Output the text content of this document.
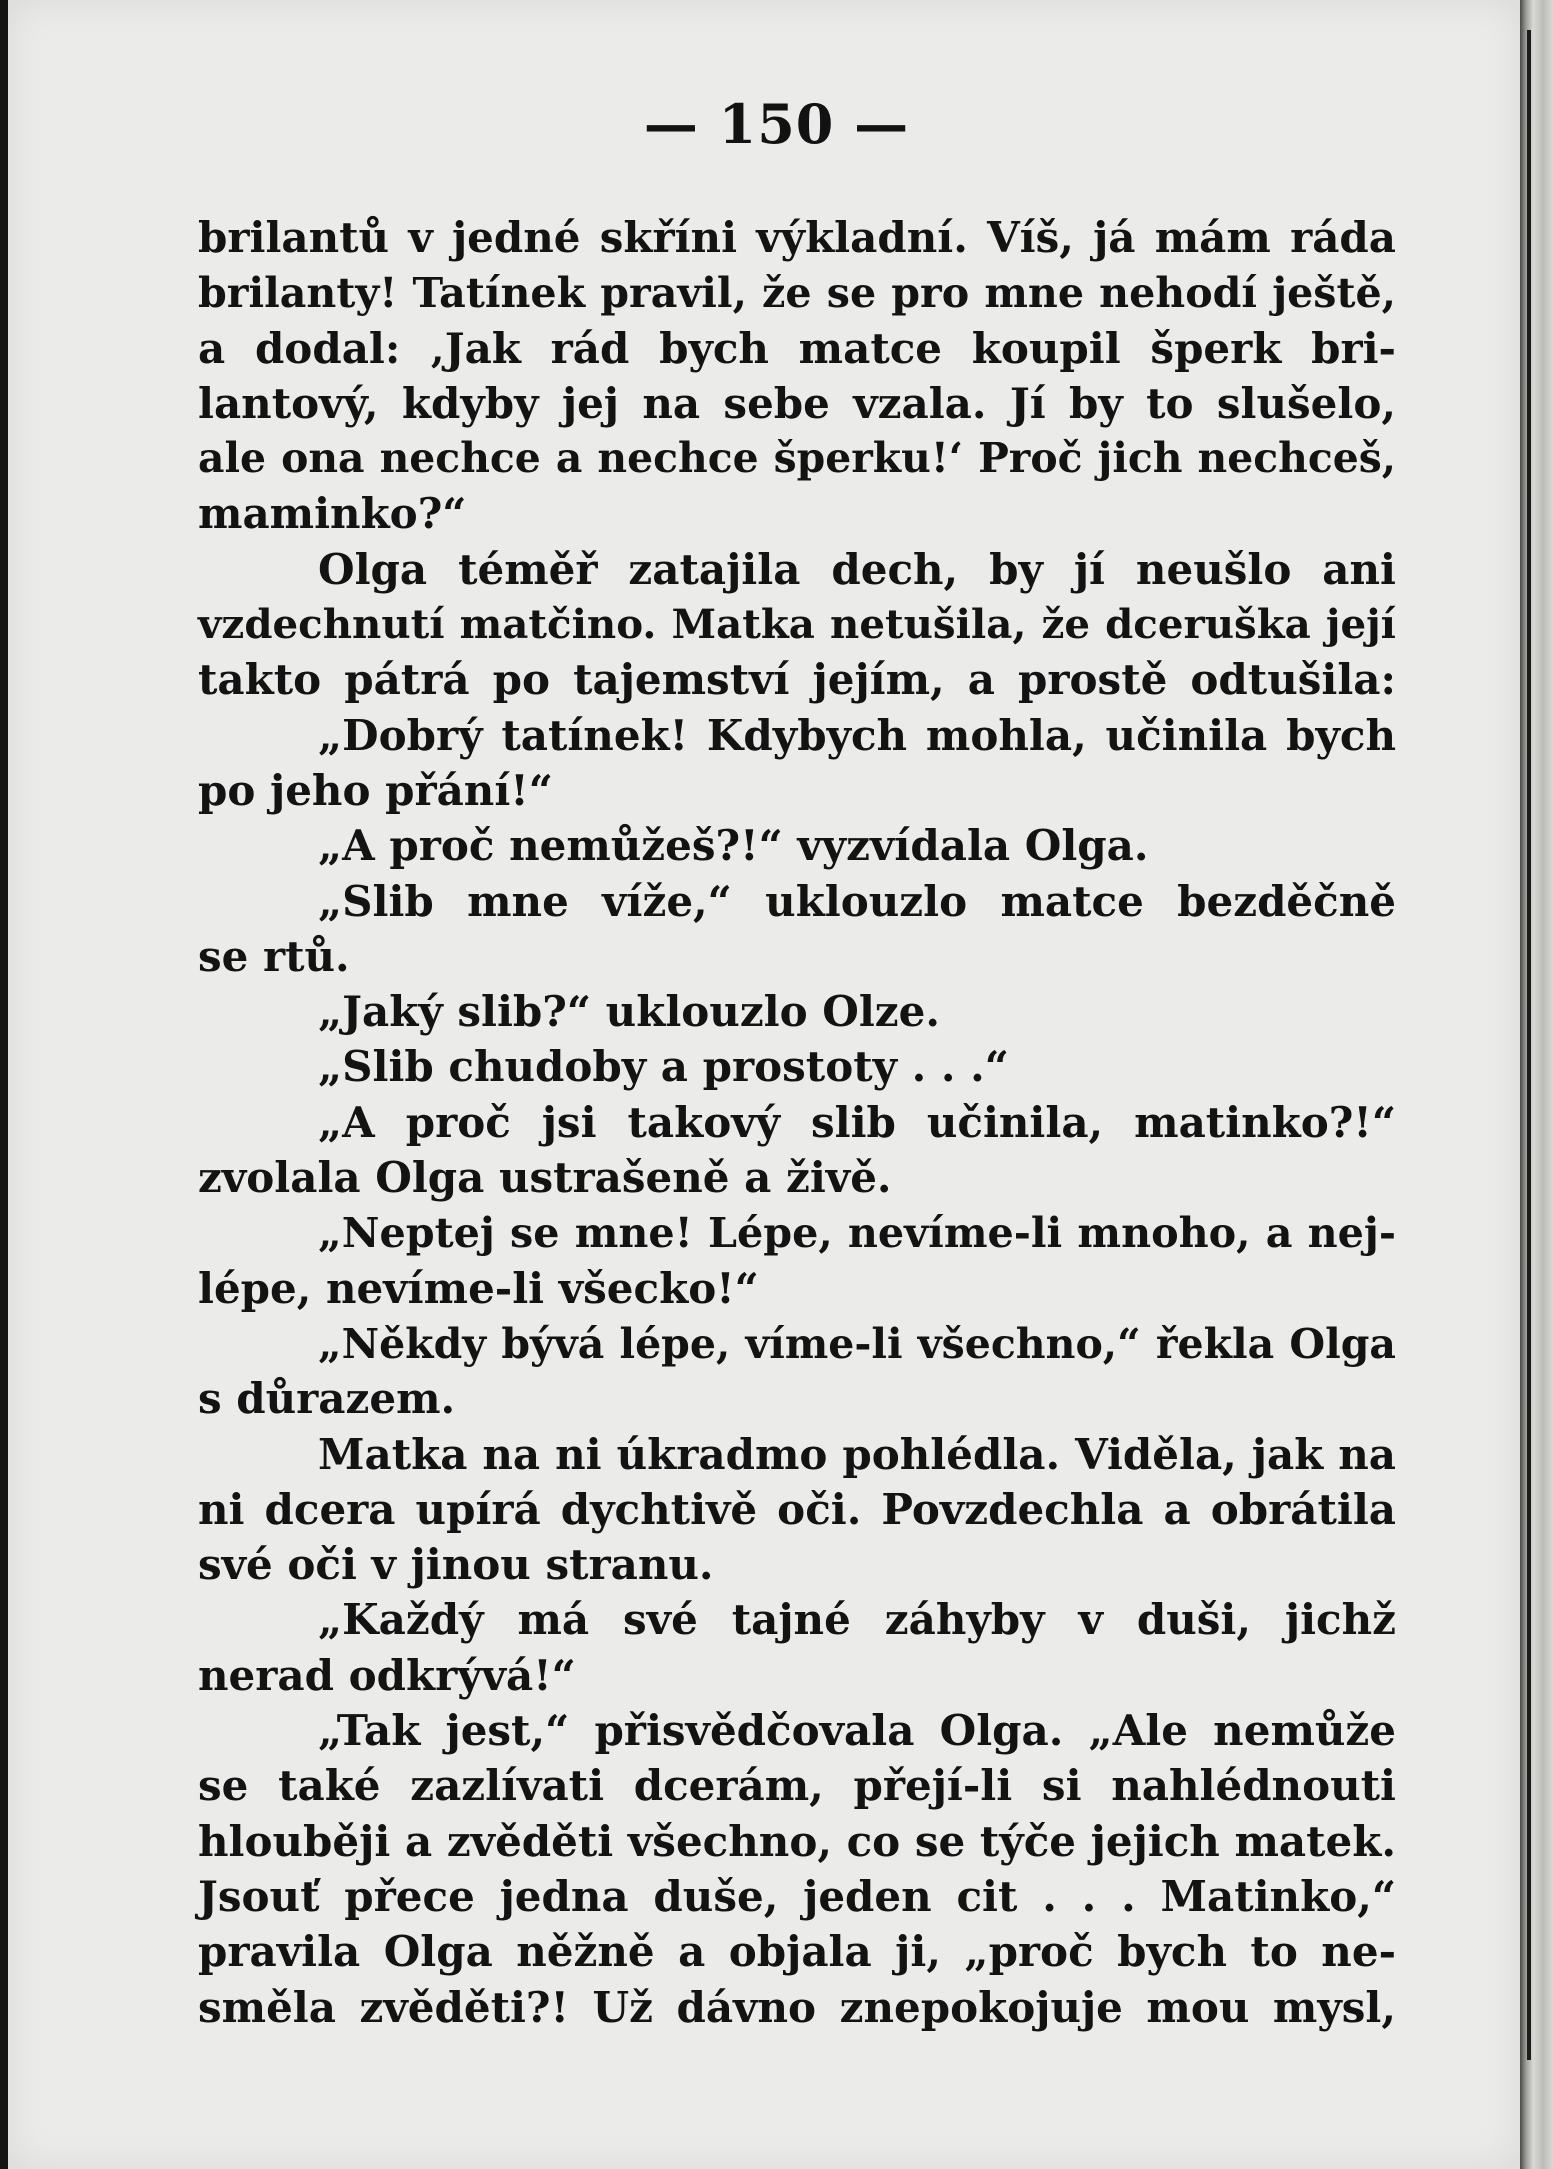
— 150 —
brilantů v jedné skříni výkladní. Víš, já mám ráda
brilanty! Tatínek pravil, že se pro mne nehodí ještě,
a dodal: ‚Jak rád bych matce koupil šperk bri-
lantový, kdyby jej na sebe vzala. Jí by to slušelo,
ale ona nechce a nechce šperku!‘ Proč jich nechceš,
maminko?“
Olga téměř zatajila dech, by jí neušlo ani
vzdechnutí matčino. Matka netušila, že dceruška její
takto pátrá po tajemství jejím, a prostě odtušila:
„Dobrý tatínek! Kdybych mohla, učinila bych
po jeho přání!“
„A proč nemůžeš?!“ vyzvídala Olga.
„Slib mne víže,“ uklouzlo matce bezděčně
se rtů.
„Jaký slib?“ uklouzlo Olze.
„Slib chudoby a prostoty . . .“
„A proč jsi takový slib učinila, matinko?!“
zvolala Olga ustrašeně a živě.
„Neptej se mne! Lépe, nevíme-li mnoho, a nej-
lépe, nevíme-li všecko!“
„Někdy bývá lépe, víme-li všechno,“ řekla Olga
s důrazem.
Matka na ni úkradmo pohlédla. Viděla, jak na
ni dcera upírá dychtivě oči. Povzdechla a obrátila
své oči v jinou stranu.
„Každý má své tajné záhyby v duši, jichž
nerad odkrývá!“
„Tak jest,“ přisvědčovala Olga. „Ale nemůže
se také zazlívati dcerám, přejí-li si nahlédnouti
hlouběji a zvěděti všechno, co se týče jejich matek.
Jsouť přece jedna duše, jeden cit . . . Matinko,“
pravila Olga něžně a objala ji, „proč bych to ne-
směla zvěděti?! Už dávno znepokojuje mou mysl,
